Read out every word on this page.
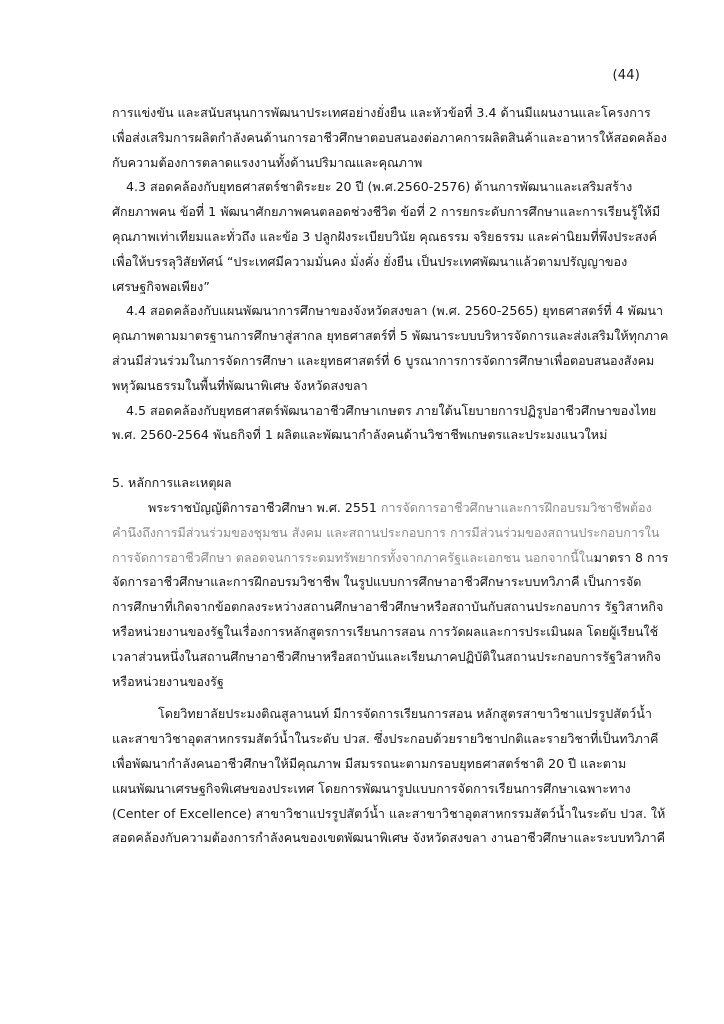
(44)
การแข่งขัน และสนับสนุนการพัฒนาประเทศอย่างยั่งยืน และหัวข้อที่ 3.4 ด้านมีแผนงานและโครงการ
เพื่อส่งเสริมการผลิตกำลังคนด้านการอาชีวศึกษาตอบสนองต่อภาคการผลิตสินค้าและอาหารให้สอดคล้อง
กับความต้องการตลาดแรงงานทั้งด้านปริมาณและคุณภาพ
4.3 สอดคล้องกับยุทธศาสตร์ชาติระยะ 20 ปี (พ.ศ.2560-2576) ด้านการพัฒนาและเสริมสร้าง
ศักยภาพคน ข้อที่ 1 พัฒนาศักยภาพคนตลอดช่วงชีวิต ข้อที่ 2 การยกระดับการศึกษาและการเรียนรู้ให้มี
คุณภาพเท่าเทียมและทั่วถึง และข้อ 3 ปลูกฝังระเบียบวินัย คุณธรรม จริยธรรม และค่านิยมที่พึงประสงค์
เพื่อให้บรรลุวิสัยทัศน์ “ประเทศมีความมั่นคง มั่งคั่ง ยั่งยืน เป็นประเทศพัฒนาแล้วตามปรัญญาของ
เศรษฐกิจพอเพียง”
4.4 สอดคล้องกับแผนพัฒนาการศึกษาของจังหวัดสงขลา (พ.ศ. 2560-2565) ยุทธศาสตร์ที่ 4 พัฒนา
คุณภาพตามมาตรฐานการศึกษาสู่สากล ยุทธศาสตร์ที่ 5 พัฒนาระบบบริหารจัดการและส่งเสริมให้ทุกภาค
ส่วนมีส่วนร่วมในการจัดการศึกษา และยุทธศาสตร์ที่ 6 บูรณาการการจัดการศึกษาเพื่อตอบสนองสังคม
พหุวัฒนธรรมในพื้นที่พัฒนาพิเศษ จังหวัดสงขลา
4.5 สอดคล้องกับยุทธศาสตร์พัฒนาอาชีวศึกษาเกษตร ภายใต้นโยบายการปฏิรูปอาชีวศึกษาของไทย
พ.ศ. 2560-2564 พันธกิจที่ 1 ผลิตและพัฒนากำลังคนด้านวิชาชีพเกษตรและประมงแนวใหม่
5. หลักการและเหตุผล
พระราชบัญญัติการอาชีวศึกษา พ.ศ. 2551 การจัดการอาชีวศึกษาและการฝึกอบรมวิชาชีพต้อง
คำนึงถึงการมีส่วนร่วมของชุมชน สังคม และสถานประกอบการ การมีส่วนร่วมของสถานประกอบการใน
การจัดการอาชีวศึกษา ตลอดจนการระดมทรัพยากรทั้งจากภาครัฐและเอกชน นอกจากนี้ในมาตรา 8 การ
จัดการอาชีวศึกษาและการฝึกอบรมวิชาชีพ ในรูปแบบการศึกษาอาชีวศึกษาระบบทวิภาคี เป็นการจัด
การศึกษาที่เกิดจากข้อตกลงระหว่างสถานศึกษาอาชีวศึกษาหรือสถาบันกับสถานประกอบการ รัฐวิสาหกิจ
หรือหน่วยงานของรัฐในเรื่องการหลักสูตรการเรียนการสอน การวัดผลและการประเมินผล โดยผู้เรียนใช้
เวลาส่วนหนึ่งในสถานศึกษาอาชีวศึกษาหรือสถาบันและเรียนภาคปฏิบัติในสถานประกอบการรัฐวิสาหกิจ
หรือหน่วยงานของรัฐ
โดยวิทยาลัยประมงติณสูลานนท์ มีการจัดการเรียนการสอน หลักสูตรสาขาวิชาแปรรูปสัตว์น้ำ
และสาขาวิชาอุตสาหกรรมสัตว์น้ำในระดับ ปวส. ซึ่งประกอบด้วยรายวิชาปกติและรายวิชาที่เป็นทวิภาคี
เพื่อพัฒนากำลังคนอาชีวศึกษาให้มีคุณภาพ มีสมรรถนะตามกรอบยุทธศาสตร์ชาติ 20 ปี และตาม
แผนพัฒนาเศรษฐกิจพิเศษของประเทศ โดยการพัฒนารูปแบบการจัดการเรียนการศึกษาเฉพาะทาง
(Center of Excellence) สาขาวิชาแปรรูปสัตว์น้ำ และสาขาวิชาอุตสาหกรรมสัตว์น้ำในระดับ ปวส. ให้
สอดคล้องกับความต้องการกำลังคนของเขตพัฒนาพิเศษ จังหวัดสงขลา งานอาชีวศึกษาและระบบทวิภาคี
